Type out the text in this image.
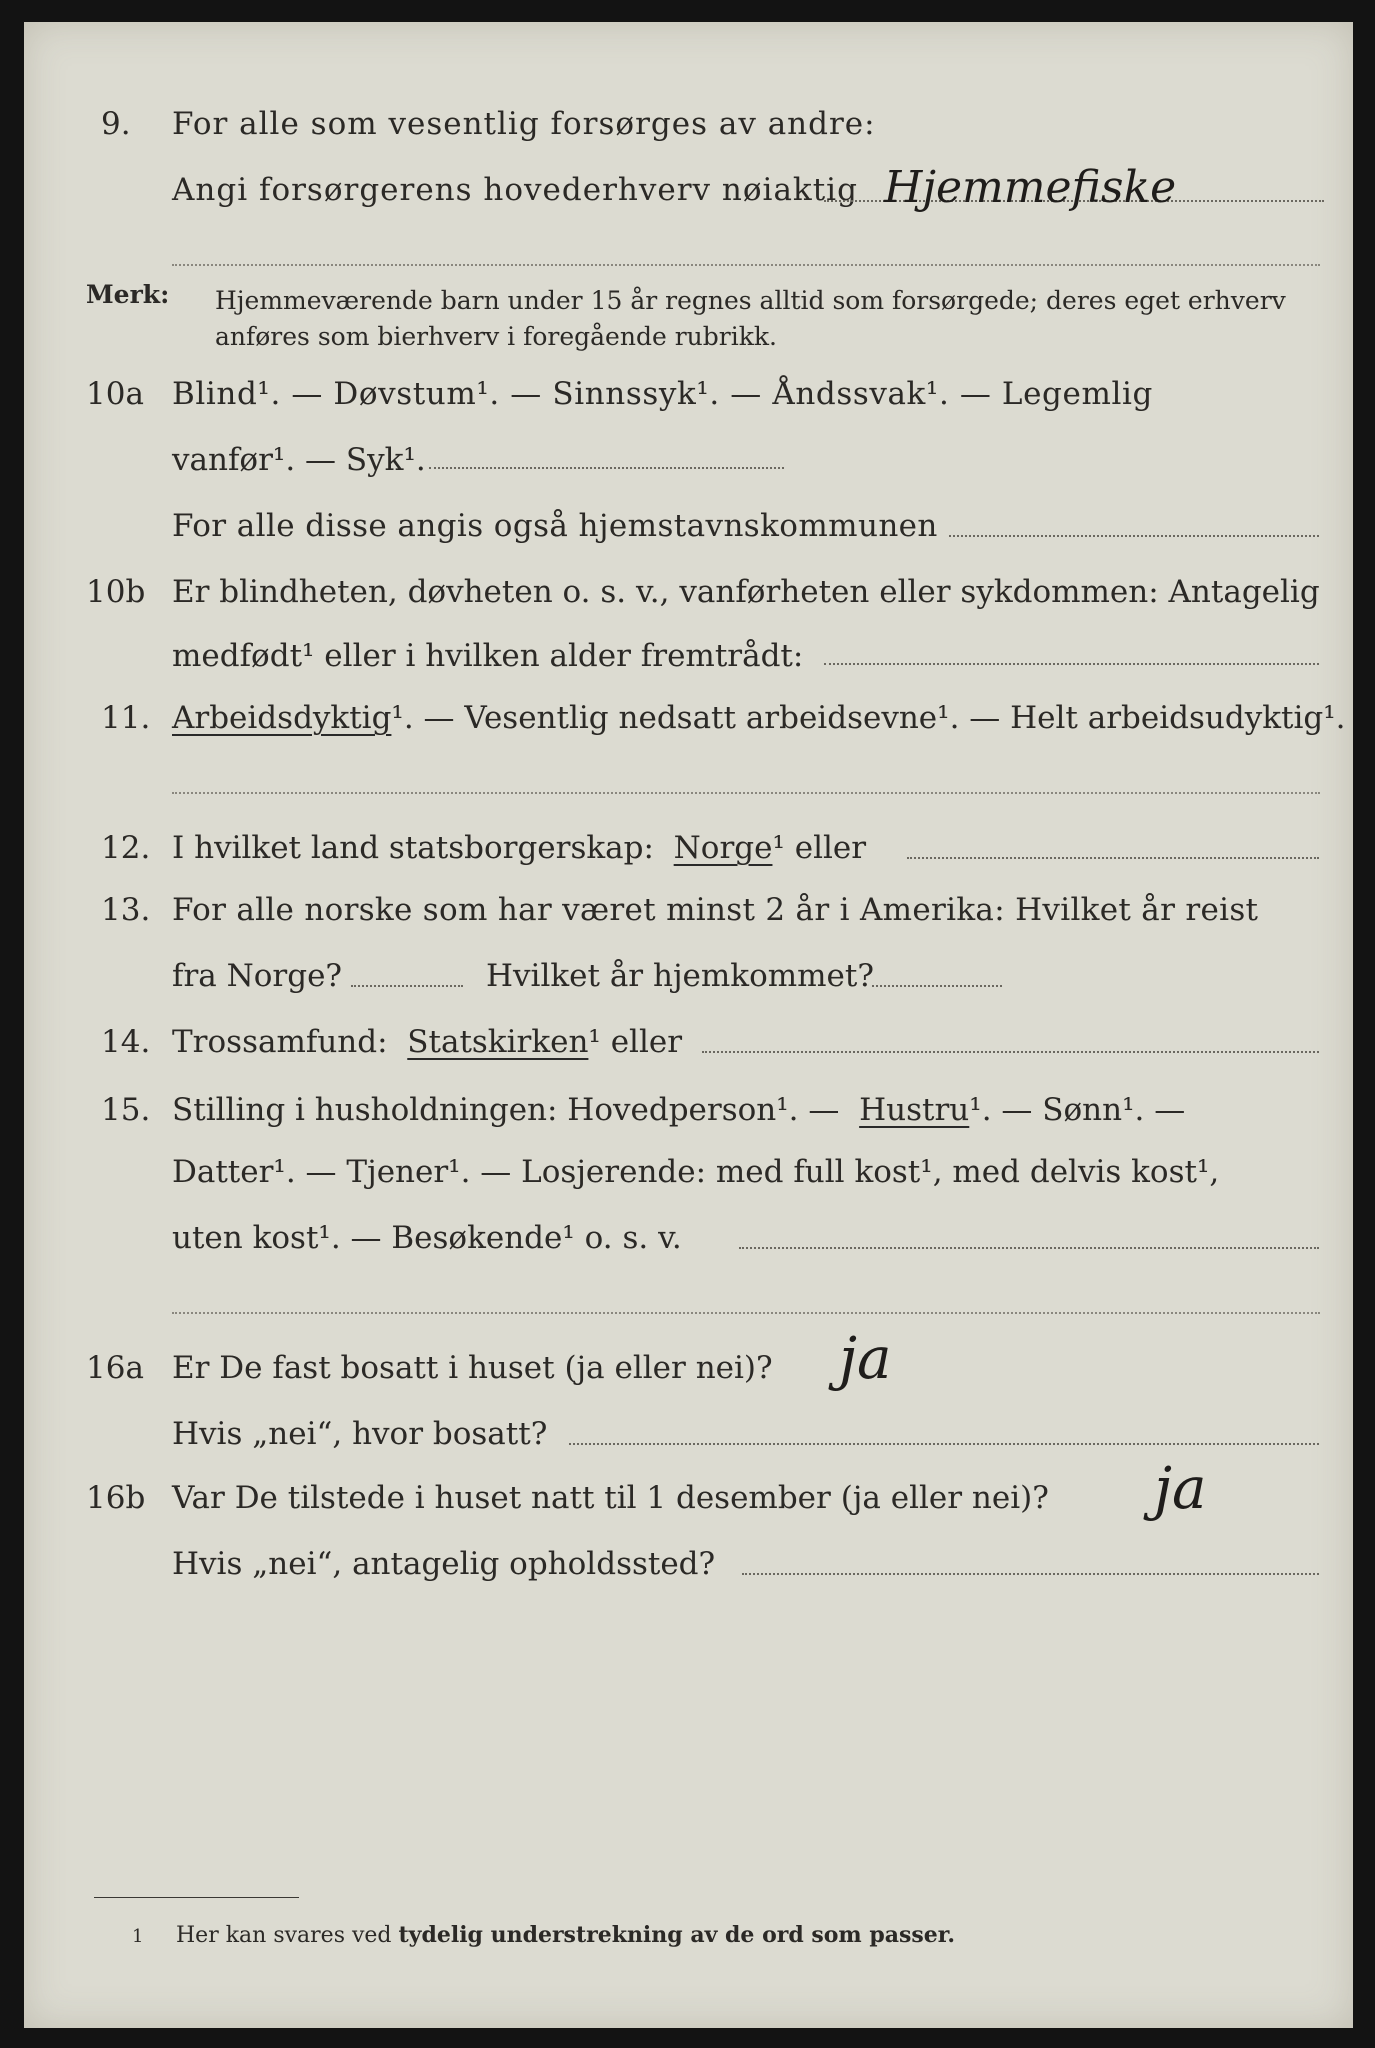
9. For alle som vesentlig forsørges av andre:
Angi forsørgerens hovederhverv nøiaktig Hjemmefiske
Merk: Hjemmeværende barn under 15 år regnes alltid som forsørgede; deres eget erhverv
anføres som bierhverv i foregående rubrikk.
10a Blind¹. — Døvstum¹. — Sinnssyk¹. — Åndssvak¹. — Legemlig
vanfør¹. — Syk¹.
For alle disse angis også hjemstavnskommunen
10b Er blindheten, døvheten o. s. v., vanførheten eller sykdommen: Antagelig
medfødt¹ eller i hvilken alder fremtrådt:
11. Arbeidsdyktig¹. — Vesentlig nedsatt arbeidsevne¹. — Helt arbeidsudyktig¹.
12. I hvilket land statsborgerskap: Norge¹ eller
13. For alle norske som har været minst 2 år i Amerika: Hvilket år reist
fra Norge?	Hvilket år hjemkommet?
14. Trossamfund: Statskirken¹ eller
15. Stilling i husholdningen: Hovedperson¹. — Hustru¹. — Sønn¹. —
Datter¹. — Tjener¹. — Losjerende: med full kost¹, med delvis kost¹,
uten kost¹. — Besøkende¹ o. s. v.
16a Er De fast bosatt i huset (ja eller nei)? ja
Hvis „nei“, hvor bosatt?
16b Var De tilstede i huset natt til 1 desember (ja eller nei)? ja
Hvis „nei“, antagelig opholdssted?
1 Her kan svares ved tydelig understrekning av de ord som passer.
